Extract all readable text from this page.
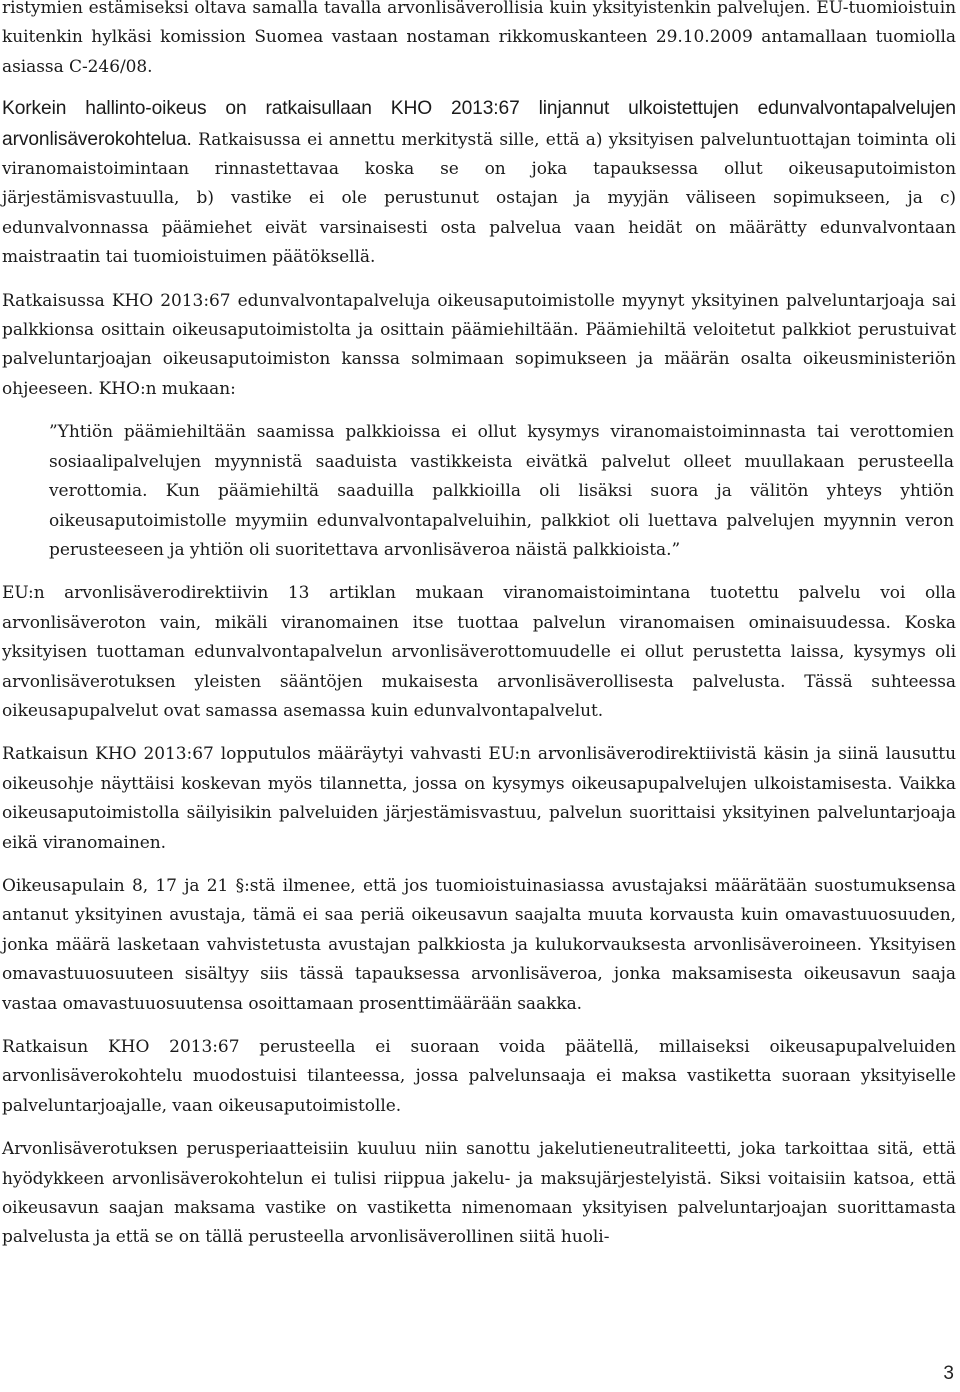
ristymien estämiseksi oltava samalla tavalla arvonlisäverollisia kuin yksityistenkin palvelujen. EU-tuomioistuin kuitenkin hylkäsi komission Suomea vastaan nostaman rikkomuskanteen 29.10.2009 antamallaan tuomiolla asiassa C-246/08.

Korkein hallinto-oikeus on ratkaisullaan KHO 2013:67 linjannut ulkoistettujen edunvalvontapalvelujen arvonlisäverokohtelua. Ratkaisussa ei annettu merkitystä sille, että a) yksityisen palveluntuottajan toiminta oli viranomaistoimintaan rinnastettavaa koska se on joka tapauksessa ollut oikeusaputoimiston järjestämisvastuulla, b) vastike ei ole perustunut ostajan ja myyjän väliseen sopimukseen, ja c) edunvalvonnassa päämiehet eivät varsinaisesti osta palvelua vaan heidät on määrätty edunvalvontaan maistraatin tai tuomioistuimen päätöksellä.

Ratkaisussa KHO 2013:67 edunvalvontapalveluja oikeusaputoimistolle myynyt yksityinen palveluntarjoaja sai palkkionsa osittain oikeusaputoimistolta ja osittain päämiehiltään. Päämiehiltä veloitetut palkkiot perustuivat palveluntarjoajan oikeusaputoimiston kanssa solmimaan sopimukseen ja määrän osalta oikeusministeriön ohjeeseen. KHO:n mukaan:

”Yhtiön päämiehiltään saamissa palkkioissa ei ollut kysymys viranomaistoiminnasta tai verottomien sosiaalipalvelujen myynnistä saaduista vastikkeista eivätkä palvelut olleet muullakaan perusteella verottomia. Kun päämiehiltä saaduilla palkkioilla oli lisäksi suora ja välitön yhteys yhtiön oikeusaputoimistolle myymiin edunvalvontapalveluihin, palkkiot oli luettava palvelujen myynnin veron perusteeseen ja yhtiön oli suoritettava arvonlisäveroa näistä palkkioista.”

EU:n arvonlisäverodirektiivin 13 artiklan mukaan viranomaistoimintana tuotettu palvelu voi olla arvonlisäveroton vain, mikäli viranomainen itse tuottaa palvelun viranomaisen ominaisuudessa. Koska yksityisen tuottaman edunvalvontapalvelun arvonlisäverottomuudelle ei ollut perustetta laissa, kysymys oli arvonlisäverotuksen yleisten sääntöjen mukaisesta arvonlisäverollisesta palvelusta. Tässä suhteessa oikeusapupalvelut ovat samassa asemassa kuin edunvalvontapalvelut.

Ratkaisun KHO 2013:67 lopputulos määräytyi vahvasti EU:n arvonlisäverodirektiivistä käsin ja siinä lausuttu oikeusohje näyttäisi koskevan myös tilannetta, jossa on kysymys oikeusapupalvelujen ulkoistamisesta. Vaikka oikeusaputoimistolla säilyisikin palveluiden järjestämisvastuu, palvelun suorittaisi yksityinen palveluntarjoaja eikä viranomainen.

Oikeusapulain 8, 17 ja 21 §:stä ilmenee, että jos tuomioistuinasiassa avustajaksi määrätään suostumuksensa antanut yksityinen avustaja, tämä ei saa periä oikeusavun saajalta muuta korvausta kuin omavastuuosuuden, jonka määrä lasketaan vahvistetusta avustajan palkkiosta ja kulukorvauksesta arvonlisäveroineen. Yksityisen omavastuuosuuteen sisältyy siis tässä tapauksessa arvonlisäveroa, jonka maksamisesta oikeusavun saaja vastaa omavastuuosuutensa osoittamaan prosenttimäärään saakka.

Ratkaisun KHO 2013:67 perusteella ei suoraan voida päätellä, millaiseksi oikeusapupalveluiden arvonlisäverokohtelu muodostuisi tilanteessa, jossa palvelunsaaja ei maksa vastiketta suoraan yksityiselle palveluntarjoajalle, vaan oikeusaputoimistolle.

Arvonlisäverotuksen perusperiaatteisiin kuuluu niin sanottu jakelutieneutraliteetti, joka tarkoittaa sitä, että hyödykkeen arvonlisäverokohtelun ei tulisi riippua jakelu- ja maksujärjestelyistä. Siksi voitaisiin katsoa, että oikeusavun saajan maksama vastike on vastiketta nimenomaan yksityisen palveluntarjoajan suorittamasta palvelusta ja että se on tällä perusteella arvonlisäverollinen siitä huoli-

3
